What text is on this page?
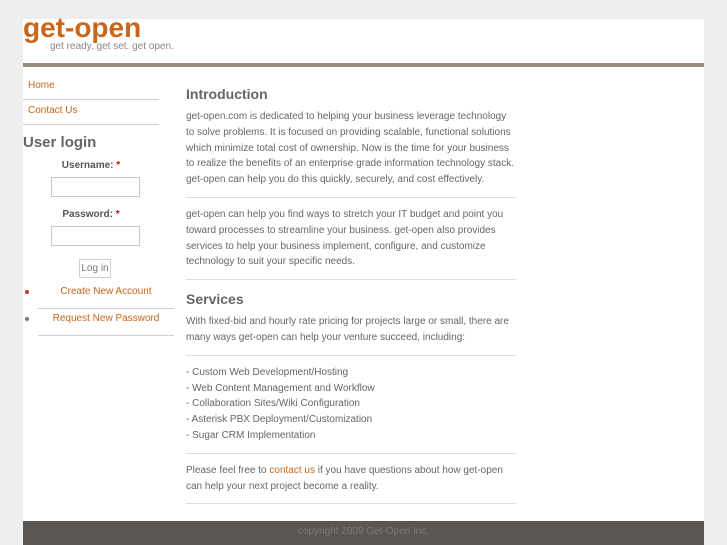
get-open
get ready. get set. get open.
Home
Contact Us
User login
Username: *
Password: *
Log in
Create New Account
Request New Password
Introduction

get-open.com is dedicated to helping your business leverage technology to solve problems. It is focused on providing scalable, functional solutions which minimize total cost of ownership. Now is the time for your business to realize the benefits of an enterprise grade information technology stack. get-open can help you do this quickly, securely, and cost effectively.

get-open can help you find ways to stretch your IT budget and point you toward processes to streamline your business. get-open also provides services to help your business implement, configure, and customize technology to suit your specific needs.

Services

With fixed-bid and hourly rate pricing for projects large or small, there are many ways get-open can help your venture succeed, including:

- Custom Web Development/Hosting
- Web Content Management and Workflow
- Collaboration Sites/Wiki Configuration
- Asterisk PBX Deployment/Customization
- Sugar CRM Implementation

Please feel free to contact us if you have questions about how get-open can help your next project become a reality.

copyright 2009 Get-Open Inc.
